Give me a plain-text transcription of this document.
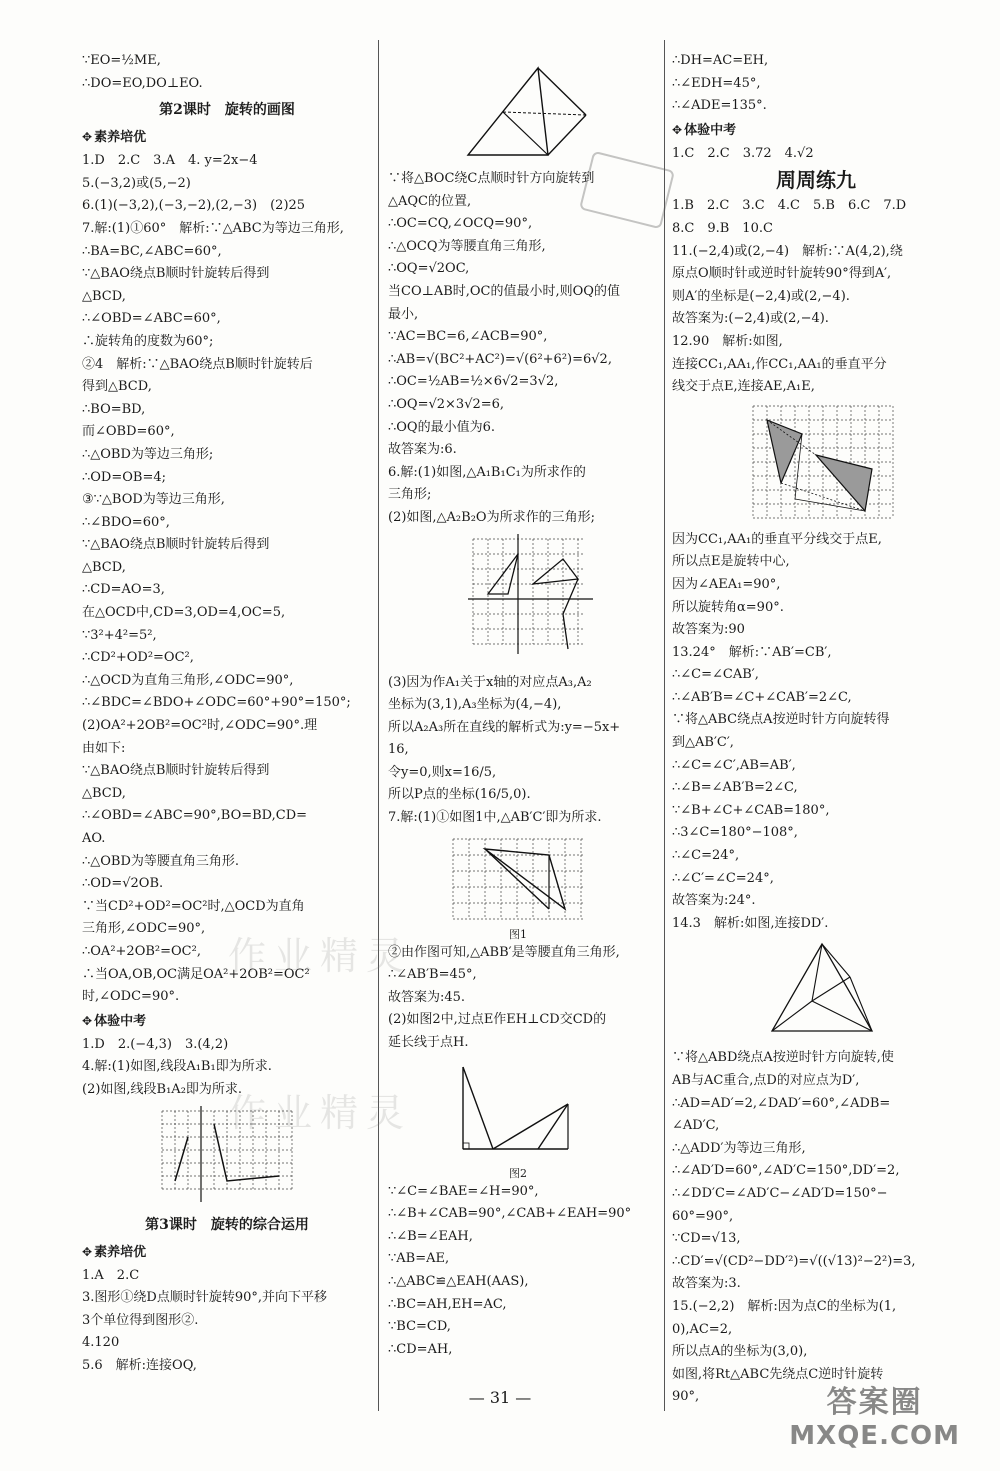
作业精灵
作业精灵
∵EO=½ME,
∴DO=EO,DO⊥EO.
第2课时　旋转的画图
✥ 素养培优
1.D　2.C　3.A　4. y=2x−4
5.(−3,2)或(5,−2)
6.(1)(−3,2),(−3,−2),(2,−3)　(2)25
7.解:(1)①60°　解析:∵△ABC为等边三角形,
∴BA=BC,∠ABC=60°,
∵△BAO绕点B顺时针旋转后得到
△BCD,
∴∠OBD=∠ABC=60°,
∴旋转角的度数为60°;
②4　解析:∵△BAO绕点B顺时针旋转后
得到△BCD,
∴BO=BD,
而∠OBD=60°,
∴△OBD为等边三角形;
∴OD=OB=4;
③∵△BOD为等边三角形,
∴∠BDO=60°,
∵△BAO绕点B顺时针旋转后得到
△BCD,
∴CD=AO=3,
在△OCD中,CD=3,OD=4,OC=5,
∵3²+4²=5²,
∴CD²+OD²=OC²,
∴△OCD为直角三角形,∠ODC=90°,
∴∠BDC=∠BDO+∠ODC=60°+90°=150°;
(2)OA²+2OB²=OC²时,∠ODC=90°.理
由如下:
∵△BAO绕点B顺时针旋转后得到
△BCD,
∴∠OBD=∠ABC=90°,BO=BD,CD=
AO.
∴△OBD为等腰直角三角形.
∴OD=√2OB.
∵当CD²+OD²=OC²时,△OCD为直角
三角形,∠ODC=90°,
∴OA²+2OB²=OC²,
∴当OA,OB,OC满足OA²+2OB²=OC²
时,∠ODC=90°.
✥ 体验中考
1.D　2.(−4,3)　3.(4,2)
4.解:(1)如图,线段A₁B₁即为所求.
(2)如图,线段B₁A₂即为所求.
第3课时　旋转的综合运用
✥ 素养培优
1.A　2.C
3.图形①绕D点顺时针旋转90°,并向下平移
3个单位得到图形②.
4.120
5.6　解析:连接OQ,
∵将△BOC绕C点顺时针方向旋转到
△AQC的位置,
∴OC=CQ,∠OCQ=90°,
∴△OCQ为等腰直角三角形,
∴OQ=√2OC,
当CO⊥AB时,OC的值最小时,则OQ的值
最小,
∵AC=BC=6,∠ACB=90°,
∴AB=√(BC²+AC²)=√(6²+6²)=6√2,
∴OC=½AB=½×6√2=3√2,
∴OQ=√2×3√2=6,
∴OQ的最小值为6.
故答案为:6.
6.解:(1)如图,△A₁B₁C₁为所求作的
三角形;
(2)如图,△A₂B₂O为所求作的三角形;
(3)因为作A₁关于x轴的对应点A₃,A₂
坐标为(3,1),A₃坐标为(4,−4),
所以A₂A₃所在直线的解析式为:y=−5x+
16,
令y=0,则x=16/5,
所以P点的坐标(16/5,0).
7.解:(1)①如图1中,△AB′C′即为所求.
图1
②由作图可知,△ABB′是等腰直角三角形,
∴∠AB′B=45°,
故答案为:45.
(2)如图2中,过点E作EH⊥CD交CD的
延长线于点H.
图2
∵∠C=∠BAE=∠H=90°,
∴∠B+∠CAB=90°,∠CAB+∠EAH=90°
∴∠B=∠EAH,
∵AB=AE,
∴△ABC≌△EAH(AAS),
∴BC=AH,EH=AC,
∵BC=CD,
∴CD=AH,
∴DH=AC=EH,
∴∠EDH=45°,
∴∠ADE=135°.
✥ 体验中考
1.C　2.C　3.72　4.√2
周周练九
1.B　2.C　3.C　4.C　5.B　6.C　7.D
8.C　9.B　10.C
11.(−2,4)或(2,−4)　解析:∵A(4,2),绕
原点O顺时针或逆时针旋转90°得到A′,
则A′的坐标是(−2,4)或(2,−4).
故答案为:(−2,4)或(2,−4).
12.90　解析:如图,
连接CC₁,AA₁,作CC₁,AA₁的垂直平分
线交于点E,连接AE,A₁E,
因为CC₁,AA₁的垂直平分线交于点E,
所以点E是旋转中心,
因为∠AEA₁=90°,
所以旋转角α=90°.
故答案为:90
13.24°　解析:∵AB′=CB′,
∴∠C=∠CAB′,
∴∠AB′B=∠C+∠CAB′=2∠C,
∵将△ABC绕点A按逆时针方向旋转得
到△AB′C′,
∴∠C=∠C′,AB=AB′,
∴∠B=∠AB′B=2∠C,
∵∠B+∠C+∠CAB=180°,
∴3∠C=180°−108°,
∴∠C=24°,
∴∠C′=∠C=24°,
故答案为:24°.
14.3　解析:如图,连接DD′.
∵将△ABD绕点A按逆时针方向旋转,使
AB与AC重合,点D的对应点为D′,
∴AD=AD′=2,∠DAD′=60°,∠ADB=
∠AD′C,
∴△ADD′为等边三角形,
∴∠AD′D=60°,∠AD′C=150°,DD′=2,
∴∠DD′C=∠AD′C−∠AD′D=150°−
60°=90°,
∵CD=√13,
∴CD′=√(CD²−DD′²)=√((√13)²−2²)=3,
故答案为:3.
15.(−2,2)　解析:因为点C的坐标为(1,
0),AC=2,
所以点A的坐标为(3,0),
如图,将Rt△ABC先绕点C逆时针旋转
90°,
— 31 —	答案圈
MXQE.COM
